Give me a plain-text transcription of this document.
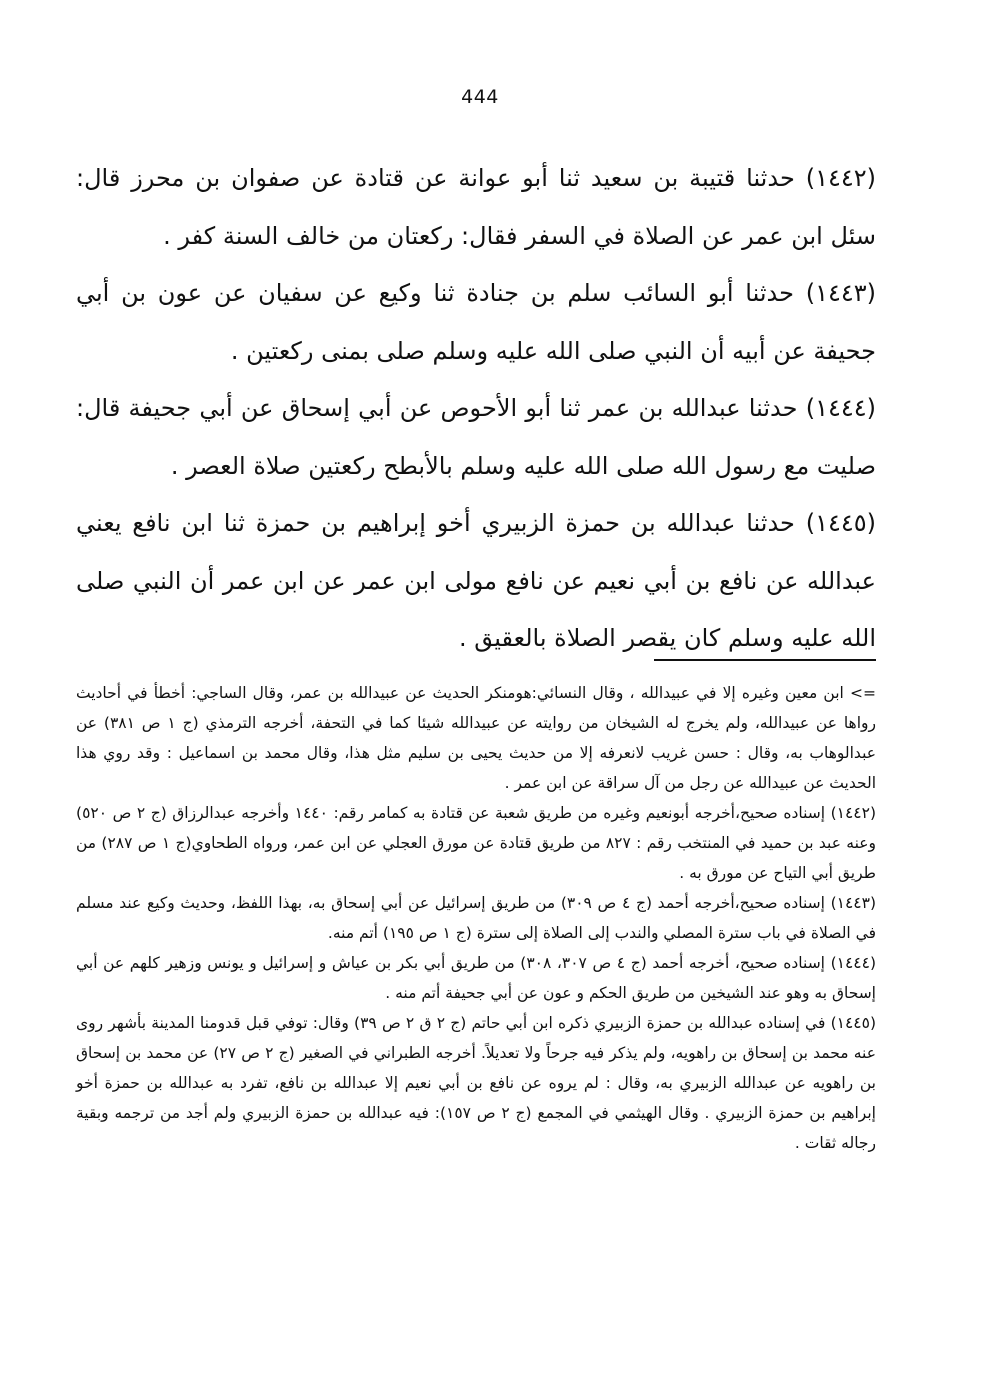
444

(١٤٤٢) حدثنا قتيبة بن سعيد ثنا أبو عوانة عن قتادة عن صفوان بن محرز قال: سئل ابن عمر عن الصلاة في السفر فقال: ركعتان من خالف السنة كفر .

(١٤٤٣) حدثنا أبو السائب سلم بن جنادة ثنا وكيع عن سفيان عن عون بن أبي جحيفة عن أبيه أن النبي صلى الله عليه وسلم صلى بمنى ركعتين .

(١٤٤٤) حدثنا عبدالله بن عمر ثنا أبو الأحوص عن أبي إسحاق عن أبي جحيفة قال: صليت مع رسول الله صلى الله عليه وسلم بالأبطح ركعتين صلاة العصر .

(١٤٤٥) حدثنا عبدالله بن حمزة الزبيري أخو إبراهيم بن حمزة ثنا ابن نافع يعني عبدالله عن نافع بن أبي نعيم عن نافع مولى ابن عمر عن ابن عمر أن النبي صلى الله عليه وسلم كان يقصر الصلاة بالعقيق .

=> ابن معين وغيره إلا في عبيدالله ، وقال النسائي:هومنكر الحديث عن عبيدالله بن عمر، وقال الساجي: أخطأ في أحاديث رواها عن عبيدالله، ولم يخرج له الشيخان من روايته عن عبيدالله شيئا كما في التحفة، أخرجه الترمذي (ج ١ ص ٣٨١) عن عبدالوهاب به، وقال : حسن غريب لانعرفه إلا من حديث يحيى بن سليم مثل هذا، وقال محمد بن اسماعيل : وقد روي هذا الحديث عن عبيدالله عن رجل من آل سراقة عن ابن عمر .

(١٤٤٢) إسناده صحيح،أخرجه أبونعيم وغيره من طريق شعبة عن قتادة به كمامر رقم: ١٤٤٠ وأخرجه عبدالرزاق (ج ٢ ص ٥٢٠) وعنه عبد بن حميد في المنتخب رقم : ٨٢٧ من طريق قتادة عن مورق العجلي عن ابن عمر، ورواه الطحاوي(ج ١ ص ٢٨٧) من طريق أبي التياح عن مورق به .

(١٤٤٣) إسناده صحيح،أخرجه أحمد (ج ٤ ص ٣٠٩) من طريق إسرائيل عن أبي إسحاق به، بهذا اللفظ، وحديث وكيع عند مسلم في الصلاة في باب سترة المصلي والندب إلى الصلاة إلى سترة (ج ١ ص ١٩٥) أتم منه.

(١٤٤٤) إسناده صحيح، أخرجه أحمد (ج ٤ ص ٣٠٧، ٣٠٨) من طريق أبي بكر بن عياش و إسرائيل و يونس وزهير كلهم عن أبي إسحاق به وهو عند الشيخين من طريق الحكم و عون عن أبي جحيفة أتم منه .

(١٤٤٥) في إسناده عبدالله بن حمزة الزبيري ذكره ابن أبي حاتم (ج ٢ ق ٢ ص ٣٩) وقال: توفي قبل قدومنا المدينة بأشهر روى عنه محمد بن إسحاق بن راهويه، ولم يذكر فيه جرحاً ولا تعديلاً. أخرجه الطبراني في الصغير (ج ٢ ص ٢٧) عن محمد بن إسحاق بن راهويه عن عبدالله الزبيري به، وقال : لم يروه عن نافع بن أبي نعيم إلا عبدالله بن نافع، تفرد به عبدالله بن حمزة أخو إبراهيم بن حمزة الزبيري . وقال الهيثمي في المجمع (ج ٢ ص ١٥٧): فيه عبدالله بن حمزة الزبيري ولم أجد من ترجمه وبقية رجاله ثقات .
